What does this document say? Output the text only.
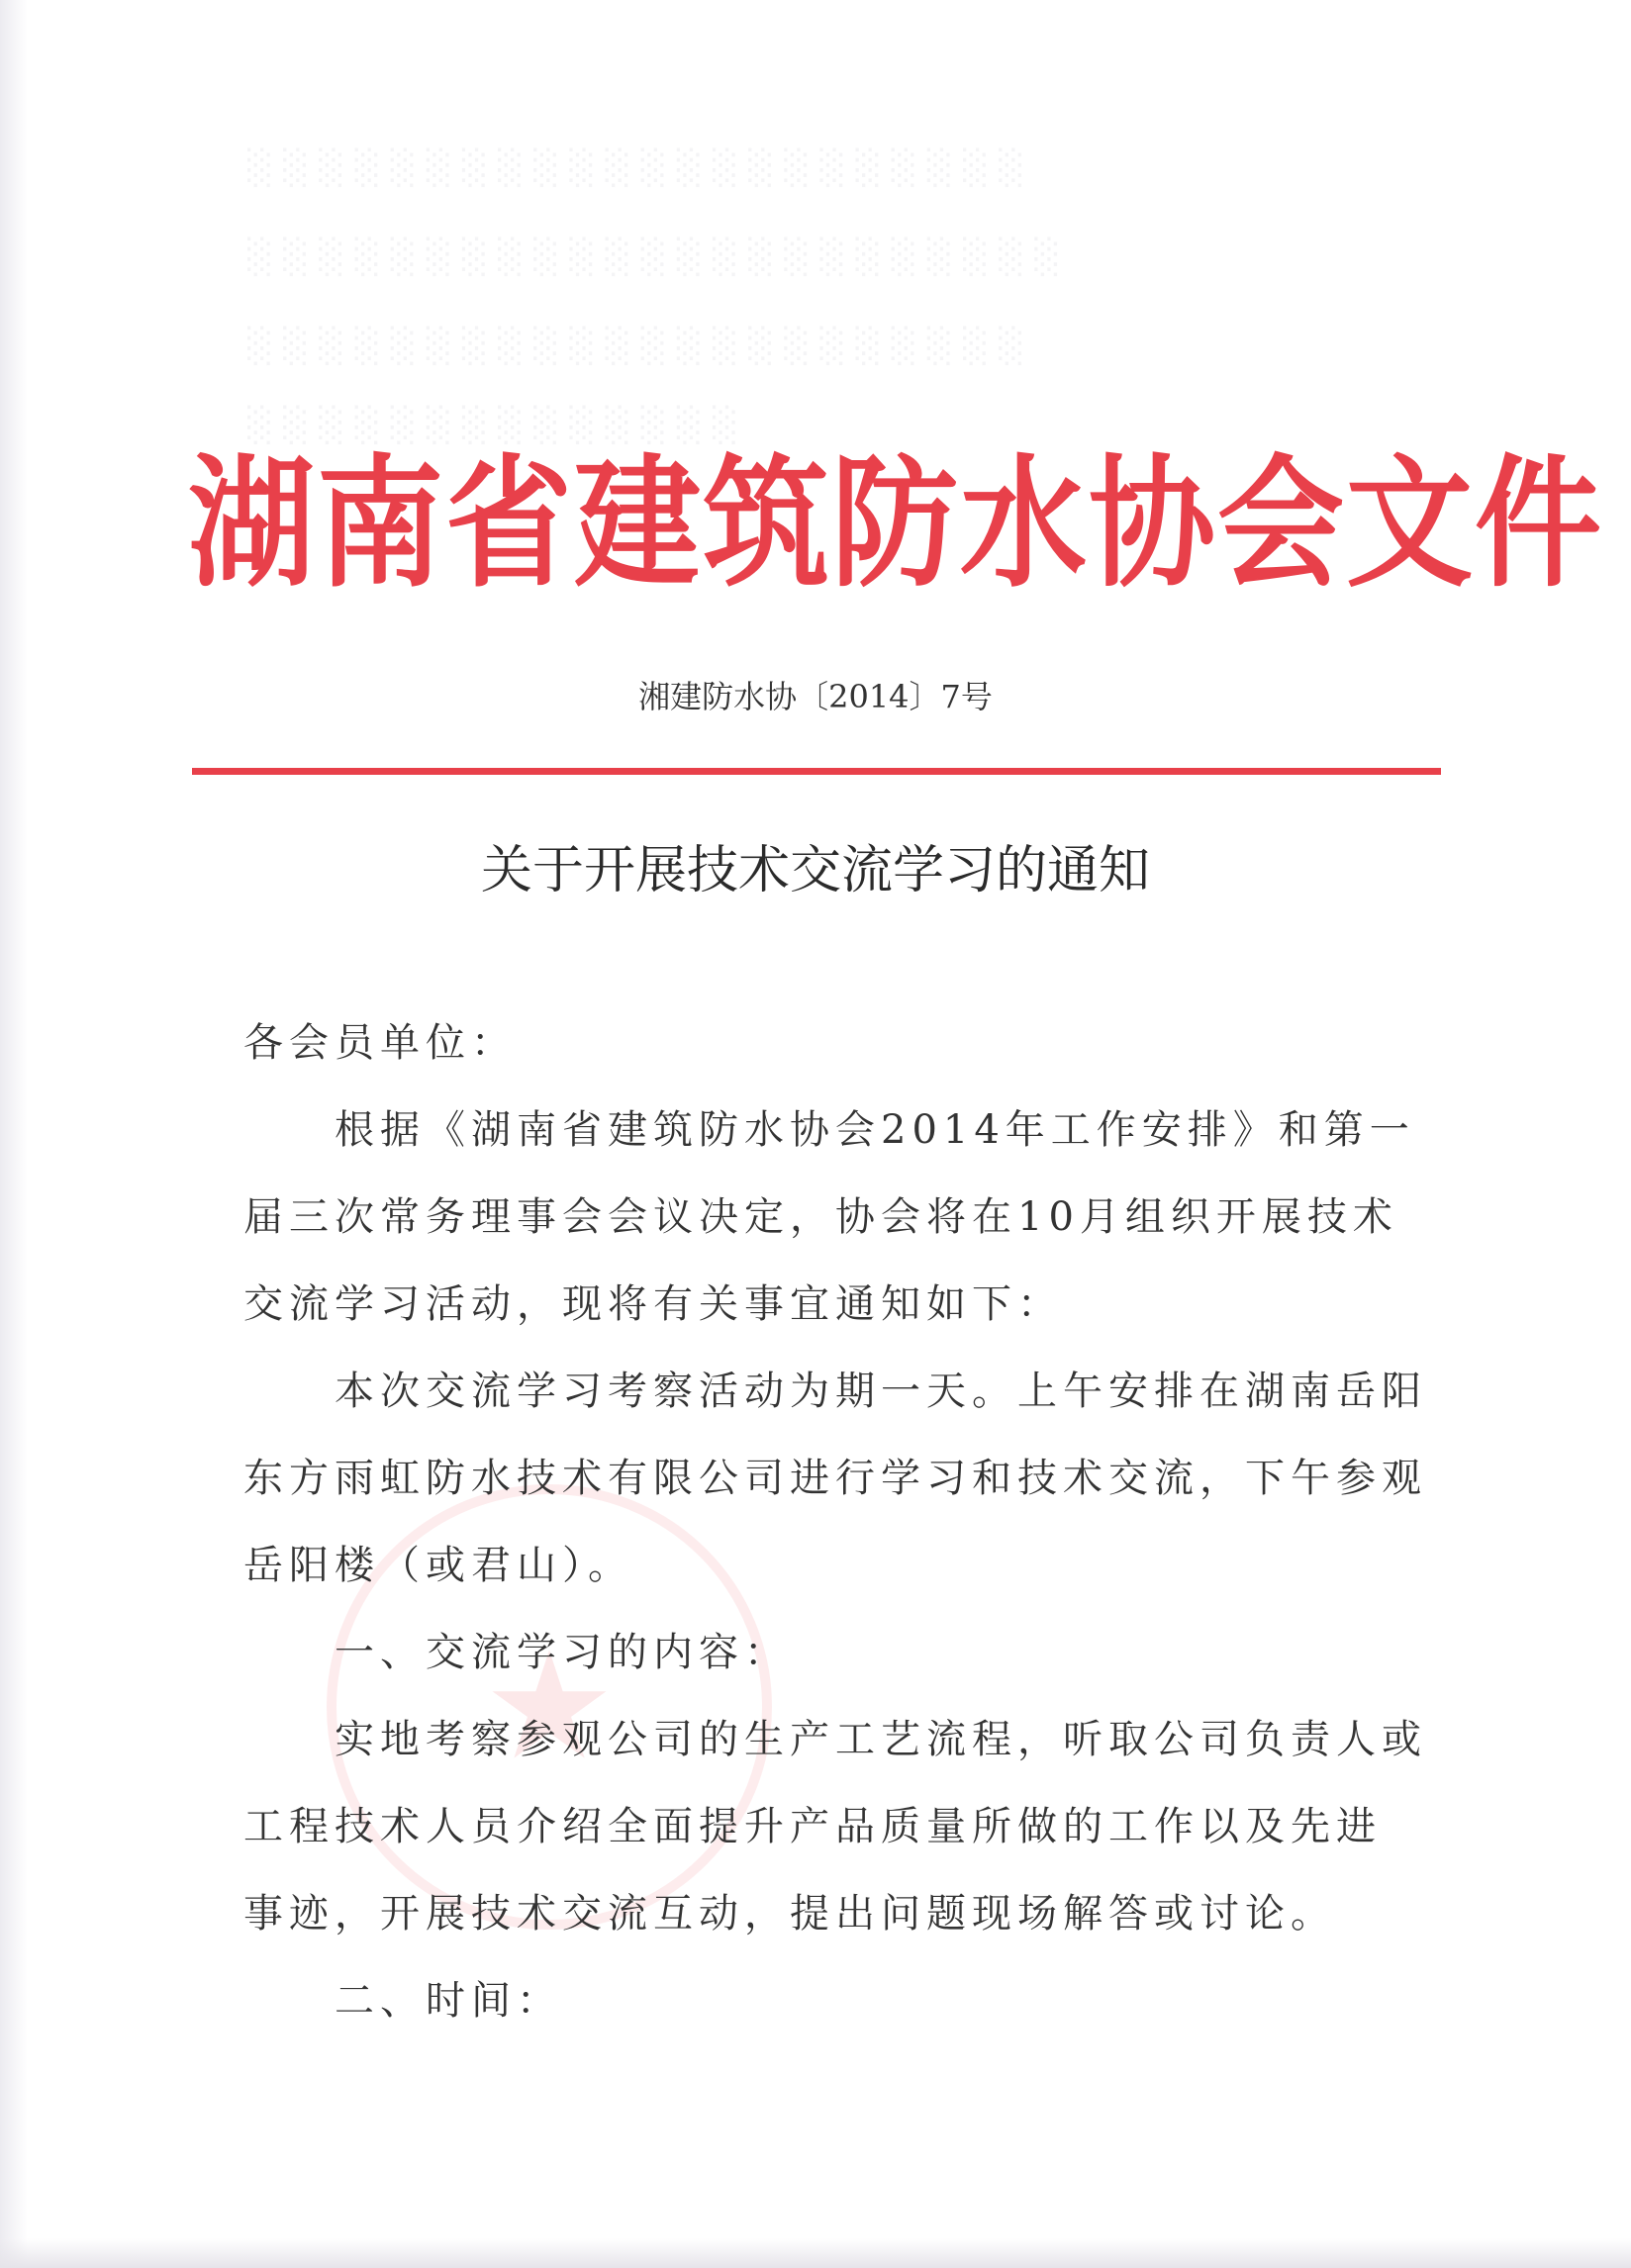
░░░░░░░░░░░░░░░░░░░░░░
░░░░░░░░░░░░░░░░░░░░░░░
░░░░░░░░░░░░░░░░░░░░░░
░░░░░░░░░░░░░░
★
湖南省建筑防水协会文件
湘建防水协〔2014〕7号
关于开展技术交流学习的通知
各会员单位：
根据《湖南省建筑防水协会2014年工作安排》和第一
届三次常务理事会会议决定，协会将在10月组织开展技术
交流学习活动，现将有关事宜通知如下：
本次交流学习考察活动为期一天。上午安排在湖南岳阳
东方雨虹防水技术有限公司进行学习和技术交流，下午参观
岳阳楼（或君山）。
一、交流学习的内容：
实地考察参观公司的生产工艺流程，听取公司负责人或
工程技术人员介绍全面提升产品质量所做的工作以及先进
事迹，开展技术交流互动，提出问题现场解答或讨论。
二、时间：
